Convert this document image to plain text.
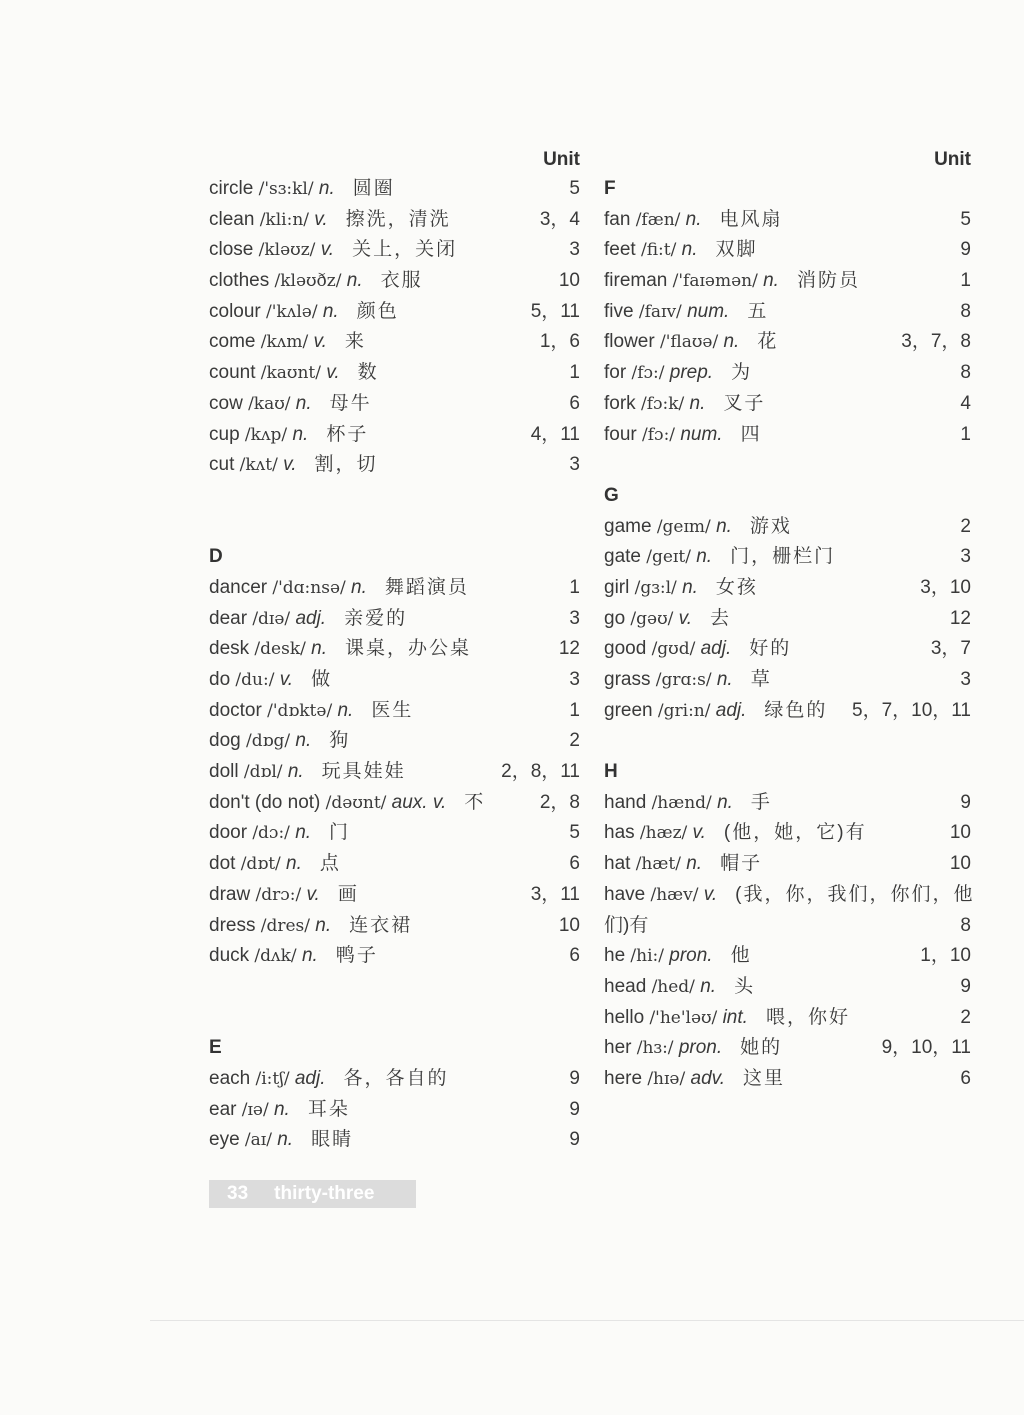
Unit
circle /'sɜ:kl/ n. 圆圈	5
clean /kli:n/ v. 擦洗，清洗	3，4
close /kləʊz/ v. 关上，关闭	3
clothes /kləʊðz/ n. 衣服	10
colour /'kʌlə/ n. 颜色	5，11
come /kʌm/ v. 来	1，6
count /kaʊnt/ v. 数	1
cow /kaʊ/ n. 母牛	6
cup /kʌp/ n. 杯子	4，11
cut /kʌt/ v. 割，切	3
D
dancer /'dɑ:nsə/ n. 舞蹈演员	1
dear /dɪə/ adj. 亲爱的	3
desk /desk/ n. 课桌，办公桌	12
do /du:/ v. 做	3
doctor /'dɒktə/ n. 医生	1
dog /dɒg/ n. 狗	2
doll /dɒl/ n. 玩具娃娃	2，8，11
don't (do not) /dəʊnt/ aux. v. 不	2，8
door /dɔ:/ n. 门	5
dot /dɒt/ n. 点	6
draw /drɔ:/ v. 画	3，11
dress /dres/ n. 连衣裙	10
duck /dʌk/ n. 鸭子	6
E
each /i:tʃ/ adj. 各，各自的	9
ear /ɪə/ n. 耳朵	9
eye /aɪ/ n. 眼睛	9
Unit
F
fan /fæn/ n. 电风扇	5
feet /fi:t/ n. 双脚	9
fireman /'faɪəmən/ n. 消防员	1
five /faɪv/ num. 五	8
flower /'flaʊə/ n. 花	3，7，8
for /fɔ:/ prep. 为	8
fork /fɔ:k/ n. 叉子	4
four /fɔ:/ num. 四	1
G
game /geɪm/ n. 游戏	2
gate /geɪt/ n. 门，栅栏门	3
girl /gɜ:l/ n. 女孩	3，10
go /gəʊ/ v. 去	12
good /gʊd/ adj. 好的	3，7
grass /grɑ:s/ n. 草	3
green /gri:n/ adj. 绿色的 5，7，10，11
H
hand /hænd/ n. 手	9
has /hæz/ v. (他，她，它)有	10
hat /hæt/ n. 帽子	10
have /hæv/ v. (我，你，我们，你们，他
们)有	8
he /hi:/ pron. 他	1，10
head /hed/ n. 头	9
hello /'he'ləʊ/ int. 喂，你好	2
her /hɜ:/ pron. 她的	9，10，11
here /hɪə/ adv. 这里	6
33 thirty-three
